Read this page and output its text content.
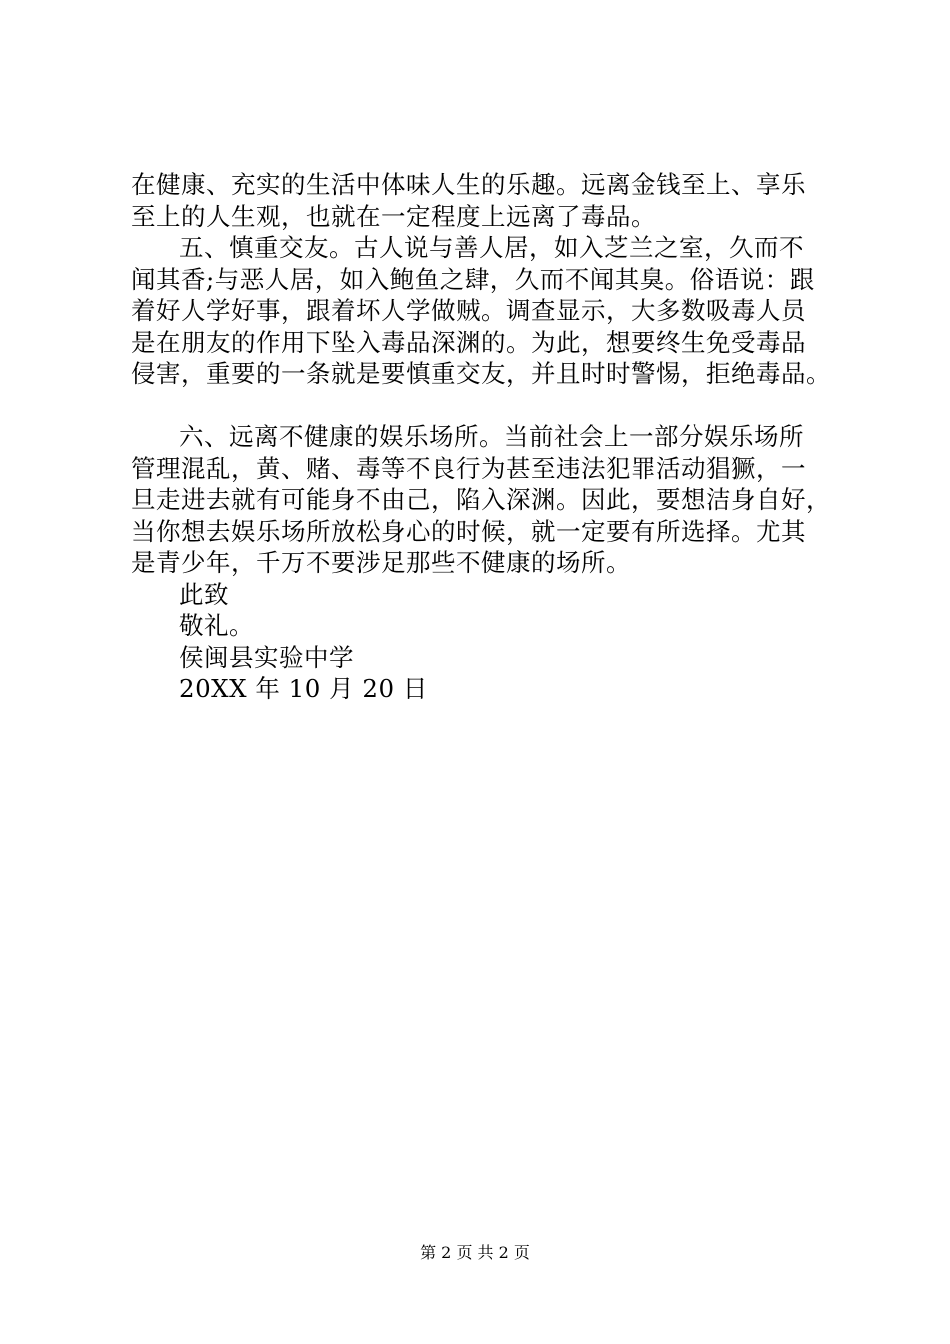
在健康、充实的生活中体味人生的乐趣。远离金钱至上、享乐
至上的人生观，也就在一定程度上远离了毒品。
五、慎重交友。古人说与善人居，如入芝兰之室，久而不
闻其香;与恶人居，如入鲍鱼之肆，久而不闻其臭。俗语说：跟
着好人学好事，跟着坏人学做贼。调查显示，大多数吸毒人员
是在朋友的作用下坠入毒品深渊的。为此，想要终生免受毒品
侵害，重要的一条就是要慎重交友，并且时时警惕，拒绝毒品。
六、远离不健康的娱乐场所。当前社会上一部分娱乐场所
管理混乱，黄、赌、毒等不良行为甚至违法犯罪活动猖獗，一
旦走进去就有可能身不由己，陷入深渊。因此，要想洁身自好，
当你想去娱乐场所放松身心的时候，就一定要有所选择。尤其
是青少年，千万不要涉足那些不健康的场所。
此致
敬礼。
侯闽县实验中学
20XX 年 10 月 20 日
第 2 页 共 2 页
